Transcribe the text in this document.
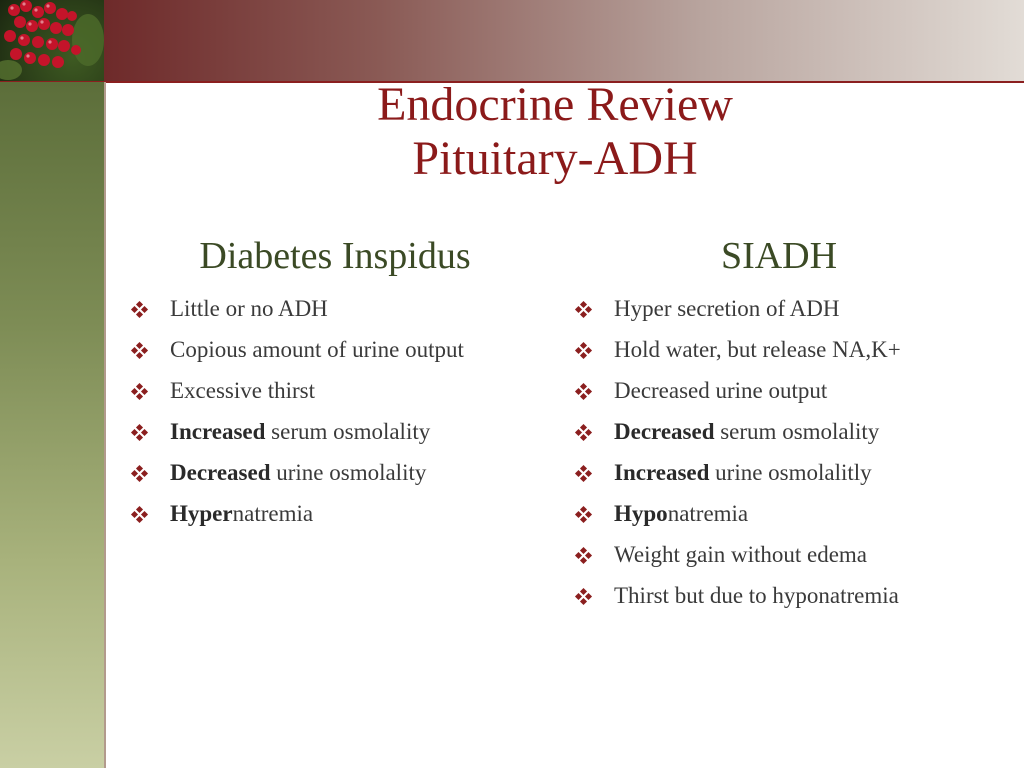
Endocrine Review
Pituitary-ADH
Diabetes Inspidus
Little or no ADH
Copious amount of urine output
Excessive thirst
Increased serum osmolality
Decreased urine osmolality
Hypernatremia
SIADH
Hyper secretion of ADH
Hold water, but release NA,K+
Decreased urine output
Decreased serum osmolality
Increased urine osmolalitly
Hyponatremia
Weight gain without edema
Thirst but due to hyponatremia
